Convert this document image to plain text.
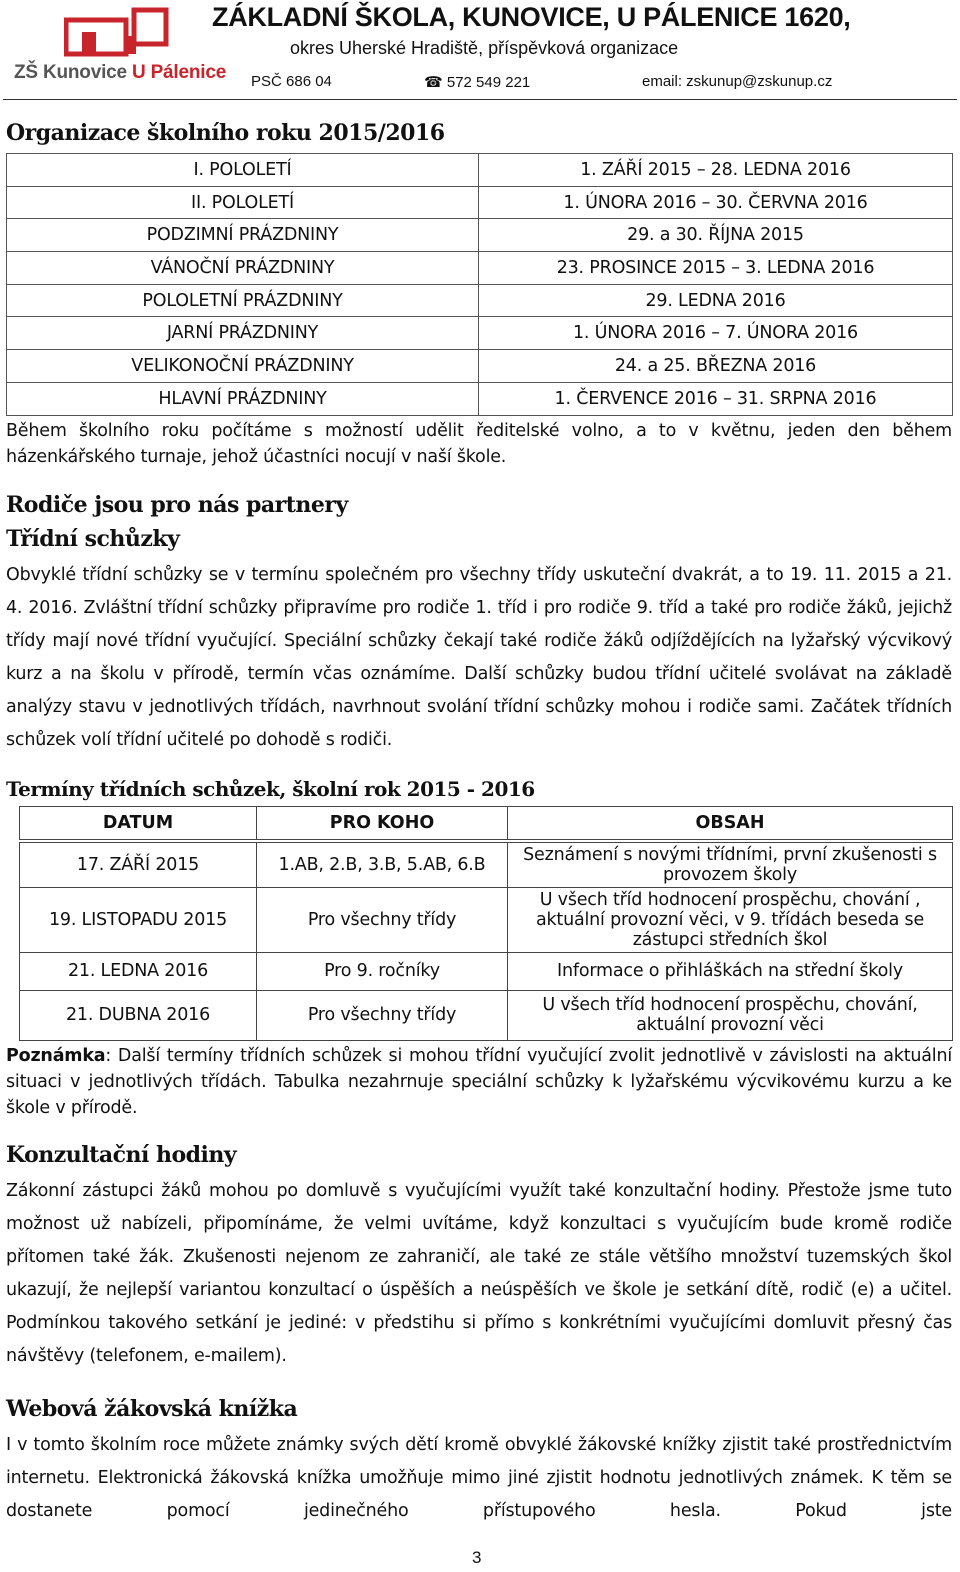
ZŠ Kunovice U Pálenice
ZÁKLADNÍ ŠKOLA, KUNOVICE, U PÁLENICE 1620,
okres Uherské Hradiště, příspěvková organizace
PSČ 686 04	☎ 572 549 221	email: zskunup@zskunup.cz
Organizace školního roku 2015/2016
I. POLOLETÍ	1. ZÁŘÍ 2015 – 28. LEDNA 2016
II. POLOLETÍ	1. ÚNORA 2016 – 30. ČERVNA 2016
PODZIMNÍ PRÁZDNINY	29. a 30. ŘÍJNA 2015
VÁNOČNÍ PRÁZDNINY	23. PROSINCE 2015 – 3. LEDNA 2016
POLOLETNÍ PRÁZDNINY	29. LEDNA 2016
JARNÍ PRÁZDNINY	1. ÚNORA 2016 – 7. ÚNORA 2016
VELIKONOČNÍ PRÁZDNINY	24. a 25. BŘEZNA 2016
HLAVNÍ PRÁZDNINY	1. ČERVENCE 2016 – 31. SRPNA 2016
Během školního roku počítáme s možností udělit ředitelské volno, a to v květnu, jeden den během házenkářského turnaje, jehož účastníci nocují v naší škole.
Rodiče jsou pro nás partnery
Třídní schůzky
Obvyklé třídní schůzky se v termínu společném pro všechny třídy uskuteční dvakrát, a to 19. 11. 2015 a 21. 4. 2016. Zvláštní třídní schůzky připravíme pro rodiče 1. tříd i pro rodiče 9. tříd a také pro rodiče žáků, jejichž třídy mají nové třídní vyučující. Speciální schůzky čekají také rodiče žáků odjíždějících na lyžařský výcvikový kurz a na školu v přírodě, termín včas oznámíme. Další schůzky budou třídní učitelé svolávat na základě analýzy stavu v jednotlivých třídách, navrhnout svolání třídní schůzky mohou i rodiče sami. Začátek třídních schůzek volí třídní učitelé po dohodě s rodiči.
Termíny třídních schůzek, školní rok 2015 - 2016
DATUM	PRO KOHO	OBSAH
17. ZÁŘÍ 2015	1.AB, 2.B, 3.B, 5.AB, 6.B	Seznámení s novými třídními, první zkušenosti s provozem školy
19. LISTOPADU 2015	Pro všechny třídy	U všech tříd hodnocení prospěchu, chování , aktuální provozní věci, v 9. třídách beseda se zástupci středních škol
21. LEDNA 2016	Pro 9. ročníky	Informace o přihláškách na střední školy
21. DUBNA 2016	Pro všechny třídy	U všech tříd hodnocení prospěchu, chování, aktuální provozní věci
Poznámka: Další termíny třídních schůzek si mohou třídní vyučující zvolit jednotlivě v závislosti na aktuální situaci v jednotlivých třídách. Tabulka nezahrnuje speciální schůzky k lyžařskému výcvikovému kurzu a ke škole v přírodě.
Konzultační hodiny
Zákonní zástupci žáků mohou po domluvě s vyučujícími využít také konzultační hodiny. Přestože jsme tuto možnost už nabízeli, připomínáme, že velmi uvítáme, když konzultaci s vyučujícím bude kromě rodiče přítomen také žák. Zkušenosti nejenom ze zahraničí, ale také ze stále většího množství tuzemských škol ukazují, že nejlepší variantou konzultací o úspěších a neúspěších ve škole je setkání dítě, rodič (e) a učitel. Podmínkou takového setkání je jediné: v předstihu si přímo s konkrétními vyučujícími domluvit přesný čas návštěvy (telefonem, e-mailem).
Webová žákovská knížka
I v tomto školním roce můžete známky svých dětí kromě obvyklé žákovské knížky zjistit také prostřednictvím internetu. Elektronická žákovská knížka umožňuje mimo jiné zjistit hodnotu jednotlivých známek. K těm se dostanete pomocí jedinečného přístupového hesla. Pokud jste
3
